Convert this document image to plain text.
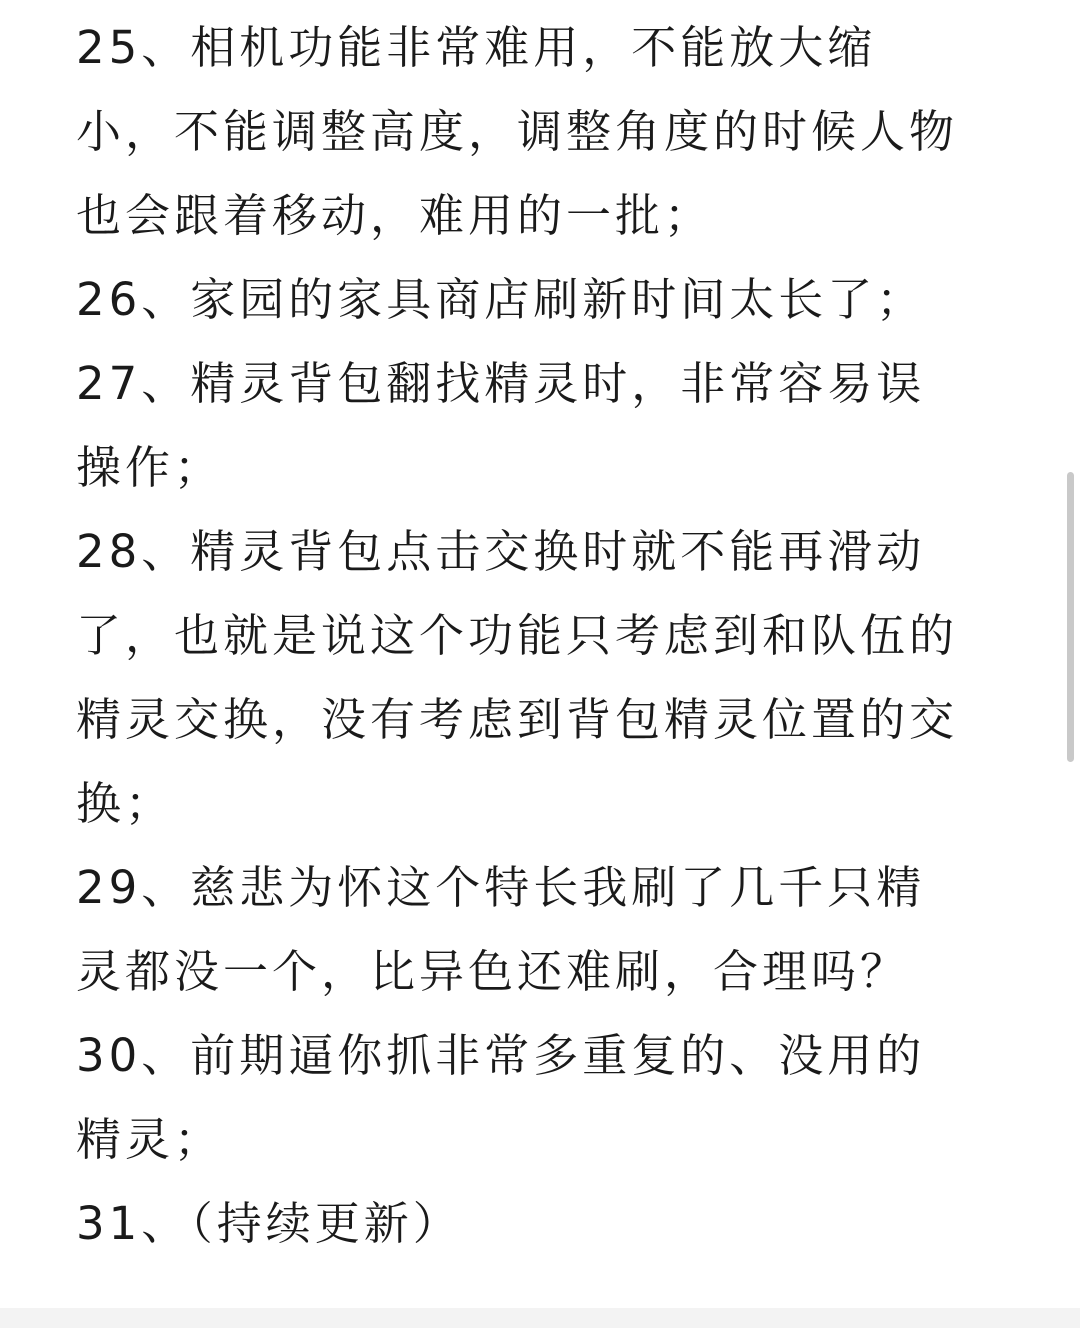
25、相机功能非常难用，不能放大缩
小，不能调整高度，调整角度的时候人物
也会跟着移动，难用的一批；
26、家园的家具商店刷新时间太长了；
27、精灵背包翻找精灵时，非常容易误
操作；
28、精灵背包点击交换时就不能再滑动
了，也就是说这个功能只考虑到和队伍的
精灵交换，没有考虑到背包精灵位置的交
换；
29、慈悲为怀这个特长我刷了几千只精
灵都没一个，比异色还难刷，合理吗？
30、前期逼你抓非常多重复的、没用的
精灵；
31、（持续更新）
